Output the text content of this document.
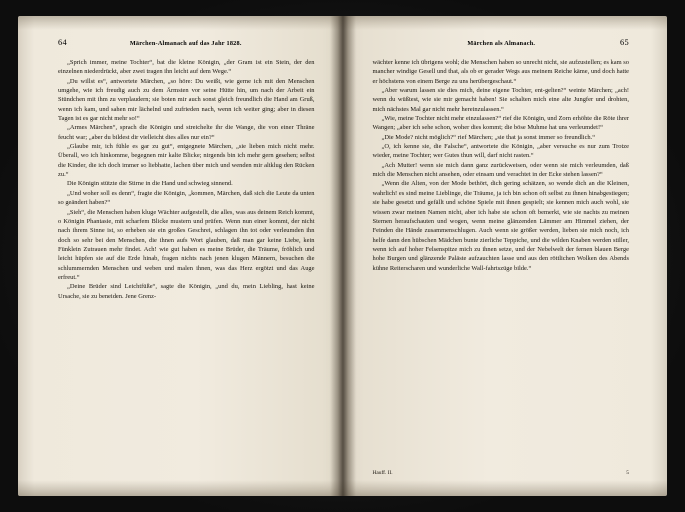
64	Märchen-Almanach auf das Jahr 1828.

„Sprich immer, meine Tochter“, bat die kleine Königin, „der Gram ist ein Stein, der den einzelnen niederdrückt, aber zwei tragen ihn leicht auf dem Wege.“

„Du willst es“, antwortete Märchen, „so höre: Du weißt, wie gerne ich mit den Menschen umgehe, wie ich freudig auch zu dem Ärmsten vor seine Hütte hin, um nach der Arbeit ein Stündchen mit ihm zu verplaudern; sie boten mir auch sonst gleich freundlich die Hand am Gruß, wenn ich kam, und sahen mir lächelnd und zufrieden nach, wenn ich weiter ging; aber in diesen Tagen ist es gar nicht mehr so!“

„Armes Märchen“, sprach die Königin und streichelte ihr die Wange, die von einer Thräne feucht war; „aber du bildest dir vielleicht dies alles nur ein?“

„Glaube mir, ich fühle es gar zu gut“, entgegnete Märchen, „sie lieben mich nicht mehr. Überall, wo ich hinkomme, begegnen mir kalte Blicke; nirgends bin ich mehr gern gesehen; selbst die Kinder, die ich doch immer so liebhatte, lachen über mich und wenden mir altklug den Rücken zu.“

Die Königin stützte die Stirne in die Hand und schwieg sinnend.

„Und woher soll es denn“, fragte die Königin, „kommen, Märchen, daß sich die Leute da unten so geändert haben?“

„Sieh“, die Menschen haben kluge Wächter aufgestellt, die alles, was aus deinem Reich kommt, o Königin Phantasie, mit scharfem Blicke mustern und prüfen. Wenn nun einer kommt, der nicht nach ihrem Sinne ist, so erheben sie ein großes Geschrei, schlagen ihn tot oder verleumden ihn doch so sehr bei den Menschen, die ihnen aufs Wort glauben, daß man gar keine Liebe, kein Fünklein Zutrauen mehr findet. Ach! wie gut haben es meine Brüder, die Träume, fröhlich und leicht hüpfen sie auf die Erde hinab, fragen nichts nach jenen klugen Männern, besuchen die schlummernden Menschen und weben und malen ihnen, was das Herz ergötzt und das Auge erfreut.“

„Deine Brüder sind Leichtfüße“, sagte die Königin, „und du, mein Liebling, hast keine Ursache, sie zu beneiden. Jene Grenz-

Märchen als Almanach.	65

wächter kenne ich übrigens wohl; die Menschen haben so unrecht nicht, sie aufzustellen; es kam so mancher windige Gesell und that, als ob er gerader Wegs aus meinem Reiche käme, und doch hatte er höchstens von einem Berge zu uns herübergeschaut.“

„Aber warum lassen sie dies mich, deine eigene Tochter, ent-gelten?“ weinte Märchen; „ach! wenn du wüßtest, wie sie mir gemacht haben! Sie schalten mich eine alte Jungfer und drohten, mich nächstes Mal gar nicht mehr hereinzulassen.“

„Wie, meine Tochter nicht mehr einzulassen?“ rief die Königin, und Zorn erhöhte die Röte ihrer Wangen; „aber ich sehe schon, woher dies kommt; die böse Muhme hat uns verleumdet!“

„Die Mode? nicht möglich?“ rief Märchen; „sie that ja sonst immer so freundlich.“

„O, ich kenne sie, die Falsche“, antwortete die Königin, „aber versuche es nur zum Trotze wieder, meine Tochter; wer Gutes thun will, darf nicht rasten.“

„Ach Mutter! wenn sie mich dann ganz zurückweisen, oder wenn sie mich verleumden, daß mich die Menschen nicht ansehen, oder einsam und verachtet in der Ecke stehen lassen?“

„Wenn die Alten, von der Mode bethört, dich gering schätzen, so wende dich an die Kleinen, wahrlich! es sind meine Lieblinge, die Träume, ja ich bin schon oft selbst zu ihnen hinabgestiegen; sie habe gesetzt und gefällt und schöne Spiele mit ihnen gespielt; sie kennen mich auch wohl, sie wissen zwar meinen Namen nicht, aber ich habe sie schon oft bemerkt, wie sie nachts zu meinen Sternen heraufschauten und wogen, wenn meine glänzenden Lämmer am Himmel ziehen, der Feinden die Hände zusammenschlugen. Auch wenn sie größer werden, lieben sie mich noch, ich helfe dann den hübschen Mädchen bunte zierliche Teppiche, und die wilden Knaben werden stiller, wenn ich auf hoher Felsenspitze mich zu ihnen setze, und der Nebelwelt der fernen blauen Berge hohe Burgen und glänzende Paläste aufzauchten lasse und aus den röttlichen Wolken des Abends kühne Reiterscharen und wunderliche Wall-fahrtszüge bilde.“

Hauff. II.	5
